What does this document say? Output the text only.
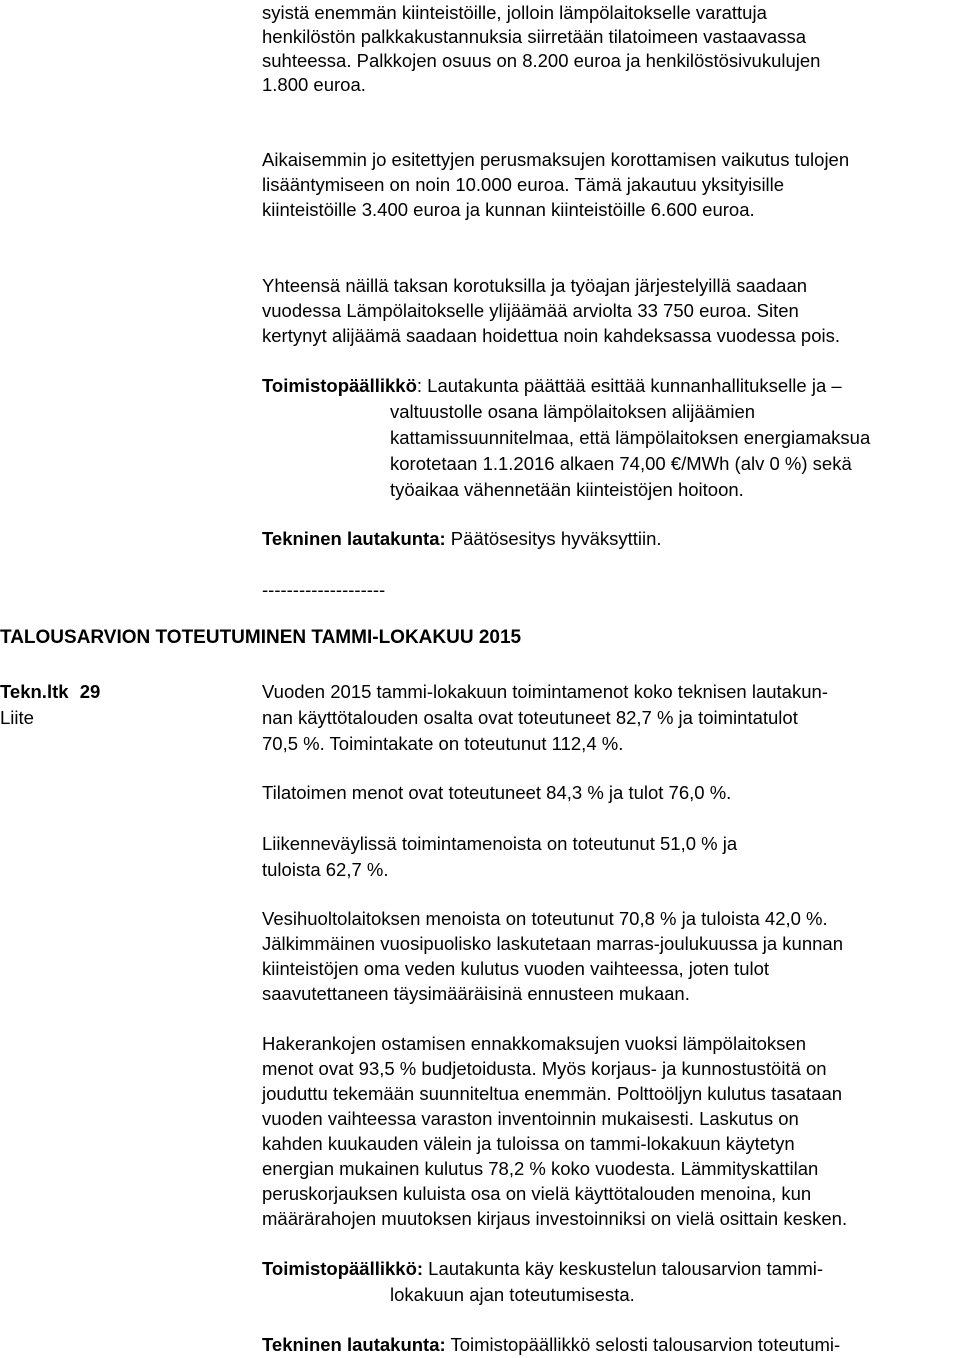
syistä enemmän kiinteistöille, jolloin lämpölaitokselle varattuja
henkilöstön palkkakustannuksia siirretään tilatoimeen vastaavassa
suhteessa. Palkkojen osuus on 8.200 euroa ja henkilöstösivukulujen
1.800 euroa.
Aikaisemmin jo esitettyjen perusmaksujen korottamisen vaikutus tulojen
lisääntymiseen on noin 10.000 euroa. Tämä jakautuu yksityisille
kiinteistöille 3.400 euroa ja kunnan kiinteistöille 6.600 euroa.
Yhteensä näillä taksan korotuksilla ja työajan järjestelyillä saadaan
vuodessa Lämpölaitokselle ylijäämää arviolta 33 750 euroa. Siten
kertynyt alijäämä saadaan hoidettua noin kahdeksassa vuodessa pois.
Toimistopäällikkö: Lautakunta päättää esittää kunnanhallitukselle ja –
valtuustolle osana lämpölaitoksen alijäämien
kattamissuunnitelmaa, että lämpölaitoksen energiamaksua
korotetaan 1.1.2016 alkaen 74,00 €/MWh (alv 0 %) sekä
työaikaa vähennetään kiinteistöjen hoitoon.
Tekninen lautakunta: Päätösesitys hyväksyttiin.
--------------------
TALOUSARVION TOTEUTUMINEN TAMMI-LOKAKUU 2015
Tekn.ltk 29
Liite
Vuoden 2015 tammi-lokakuun toimintamenot koko teknisen lautakun-
nan käyttötalouden osalta ovat toteutuneet 82,7 % ja toimintatulot
70,5 %. Toimintakate on toteutunut 112,4 %.
Tilatoimen menot ovat toteutuneet 84,3 % ja tulot 76,0 %.
Liikenneväylissä toimintamenoista on toteutunut 51,0 % ja
tuloista 62,7 %.
Vesihuoltolaitoksen menoista on toteutunut 70,8 % ja tuloista 42,0 %.
Jälkimmäinen vuosipuolisko laskutetaan marras-joulukuussa ja kunnan
kiinteistöjen oma veden kulutus vuoden vaihteessa, joten tulot
saavutettaneen täysimääräisinä ennusteen mukaan.
Hakerankojen ostamisen ennakkomaksujen vuoksi lämpölaitoksen
menot ovat 93,5 % budjetoidusta. Myös korjaus- ja kunnostustöitä on
jouduttu tekemään suunniteltua enemmän. Polttoöljyn kulutus tasataan
vuoden vaihteessa varaston inventoinnin mukaisesti. Laskutus on
kahden kuukauden välein ja tuloissa on tammi-lokakuun käytetyn
energian mukainen kulutus 78,2 % koko vuodesta. Lämmityskattilan
peruskorjauksen kuluista osa on vielä käyttötalouden menoina, kun
määrärahojen muutoksen kirjaus investoinniksi on vielä osittain kesken.
Toimistopäällikkö: Lautakunta käy keskustelun talousarvion tammi-
lokakuun ajan toteutumisesta.
Tekninen lautakunta: Toimistopäällikkö selosti talousarvion toteutumi-
